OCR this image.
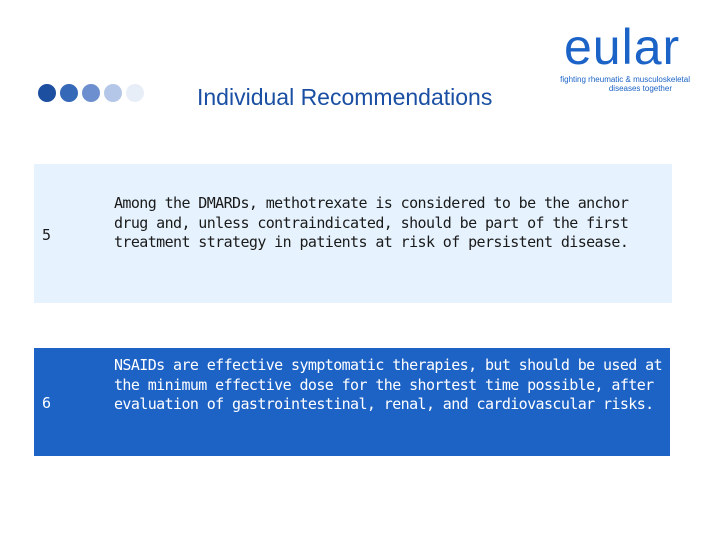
Individual Recommendations
eular
fighting rheumatic & musculoskeletal
diseases together
5
Among the DMARDs, methotrexate is considered to be the anchor drug and, unless contraindicated, should be part of the first treatment strategy in patients at risk of persistent disease.
6
NSAIDs are effective symptomatic therapies, but should be used at the minimum effective dose for the shortest time possible, after evaluation of gastrointestinal, renal, and cardiovascular risks.
